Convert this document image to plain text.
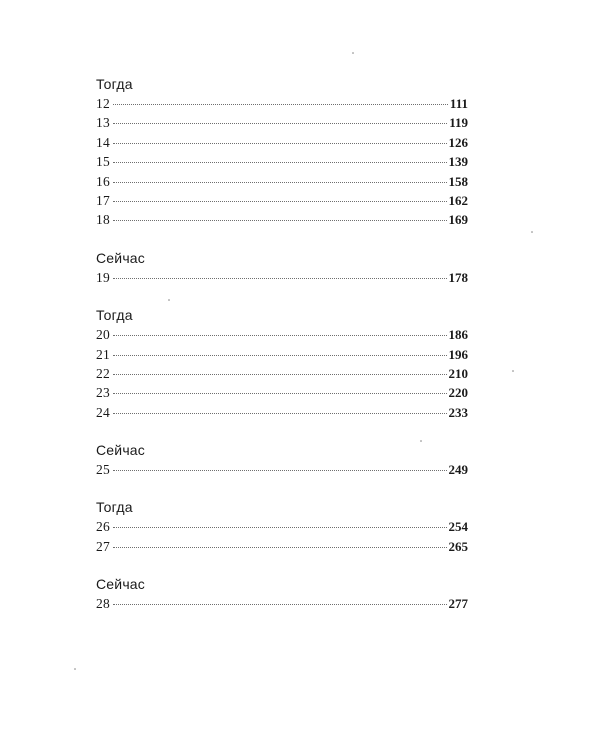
Тогда
12	111
13	119
14	126
15	139
16	158
17	162
18	169
Сейчас
19	178
Тогда
20	186
21	196
22	210
23	220
24	233
Сейчас
25	249
Тогда
26	254
27	265
Сейчас
28	277
